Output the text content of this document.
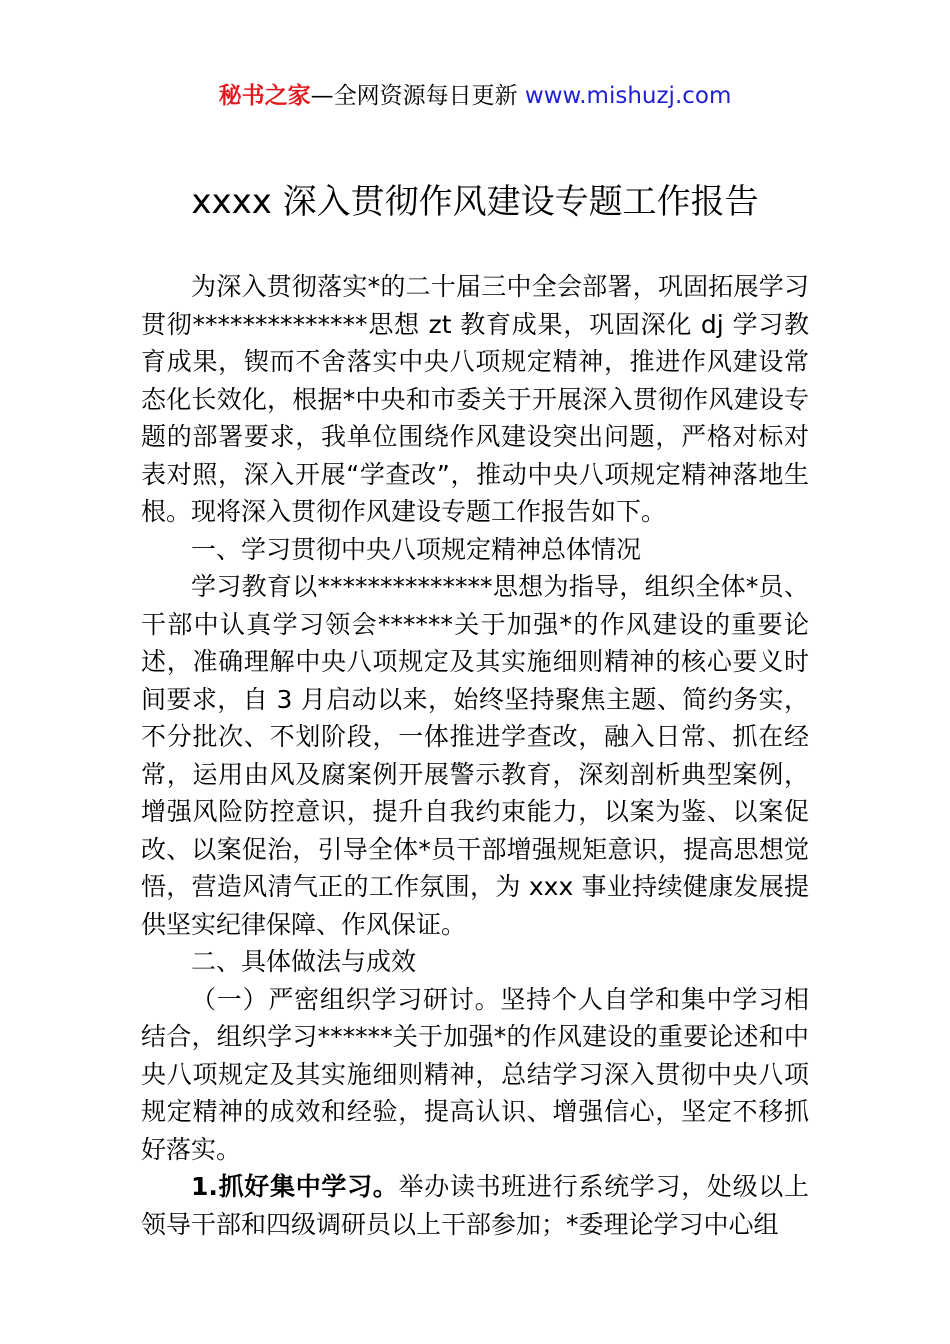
秘书之家—全网资源每日更新 www.mishuzj.com
xxxx 深入贯彻作风建设专题工作报告

为深入贯彻落实*的二十届三中全会部署，巩固拓展学习贯彻**************思想 zt 教育成果，巩固深化 dj 学习教育成果，锲而不舍落实中央八项规定精神，推进作风建设常态化长效化，根据*中央和市委关于开展深入贯彻作风建设专题的部署要求，我单位围绕作风建设突出问题，严格对标对表对照，深入开展“学查改”，推动中央八项规定精神落地生根。现将深入贯彻作风建设专题工作报告如下。

一、学习贯彻中央八项规定精神总体情况

学习教育以**************思想为指导，组织全体*员、干部中认真学习领会******关于加强*的作风建设的重要论述，准确理解中央八项规定及其实施细则精神的核心要义时间要求，自 3 月启动以来，始终坚持聚焦主题、简约务实，不分批次、不划阶段，一体推进学查改，融入日常、抓在经常，运用由风及腐案例开展警示教育，深刻剖析典型案例，增强风险防控意识，提升自我约束能力，以案为鉴、以案促改、以案促治，引导全体*员干部增强规矩意识，提高思想觉悟，营造风清气正的工作氛围，为 xxx 事业持续健康发展提供坚实纪律保障、作风保证。

二、具体做法与成效

（一）严密组织学习研讨。坚持个人自学和集中学习相结合，组织学习******关于加强*的作风建设的重要论述和中央八项规定及其实施细则精神，总结学习深入贯彻中央八项规定精神的成效和经验，提高认识、增强信心，坚定不移抓好落实。

1.抓好集中学习。举办读书班进行系统学习，处级以上领导干部和四级调研员以上干部参加；*委理论学习中心组
